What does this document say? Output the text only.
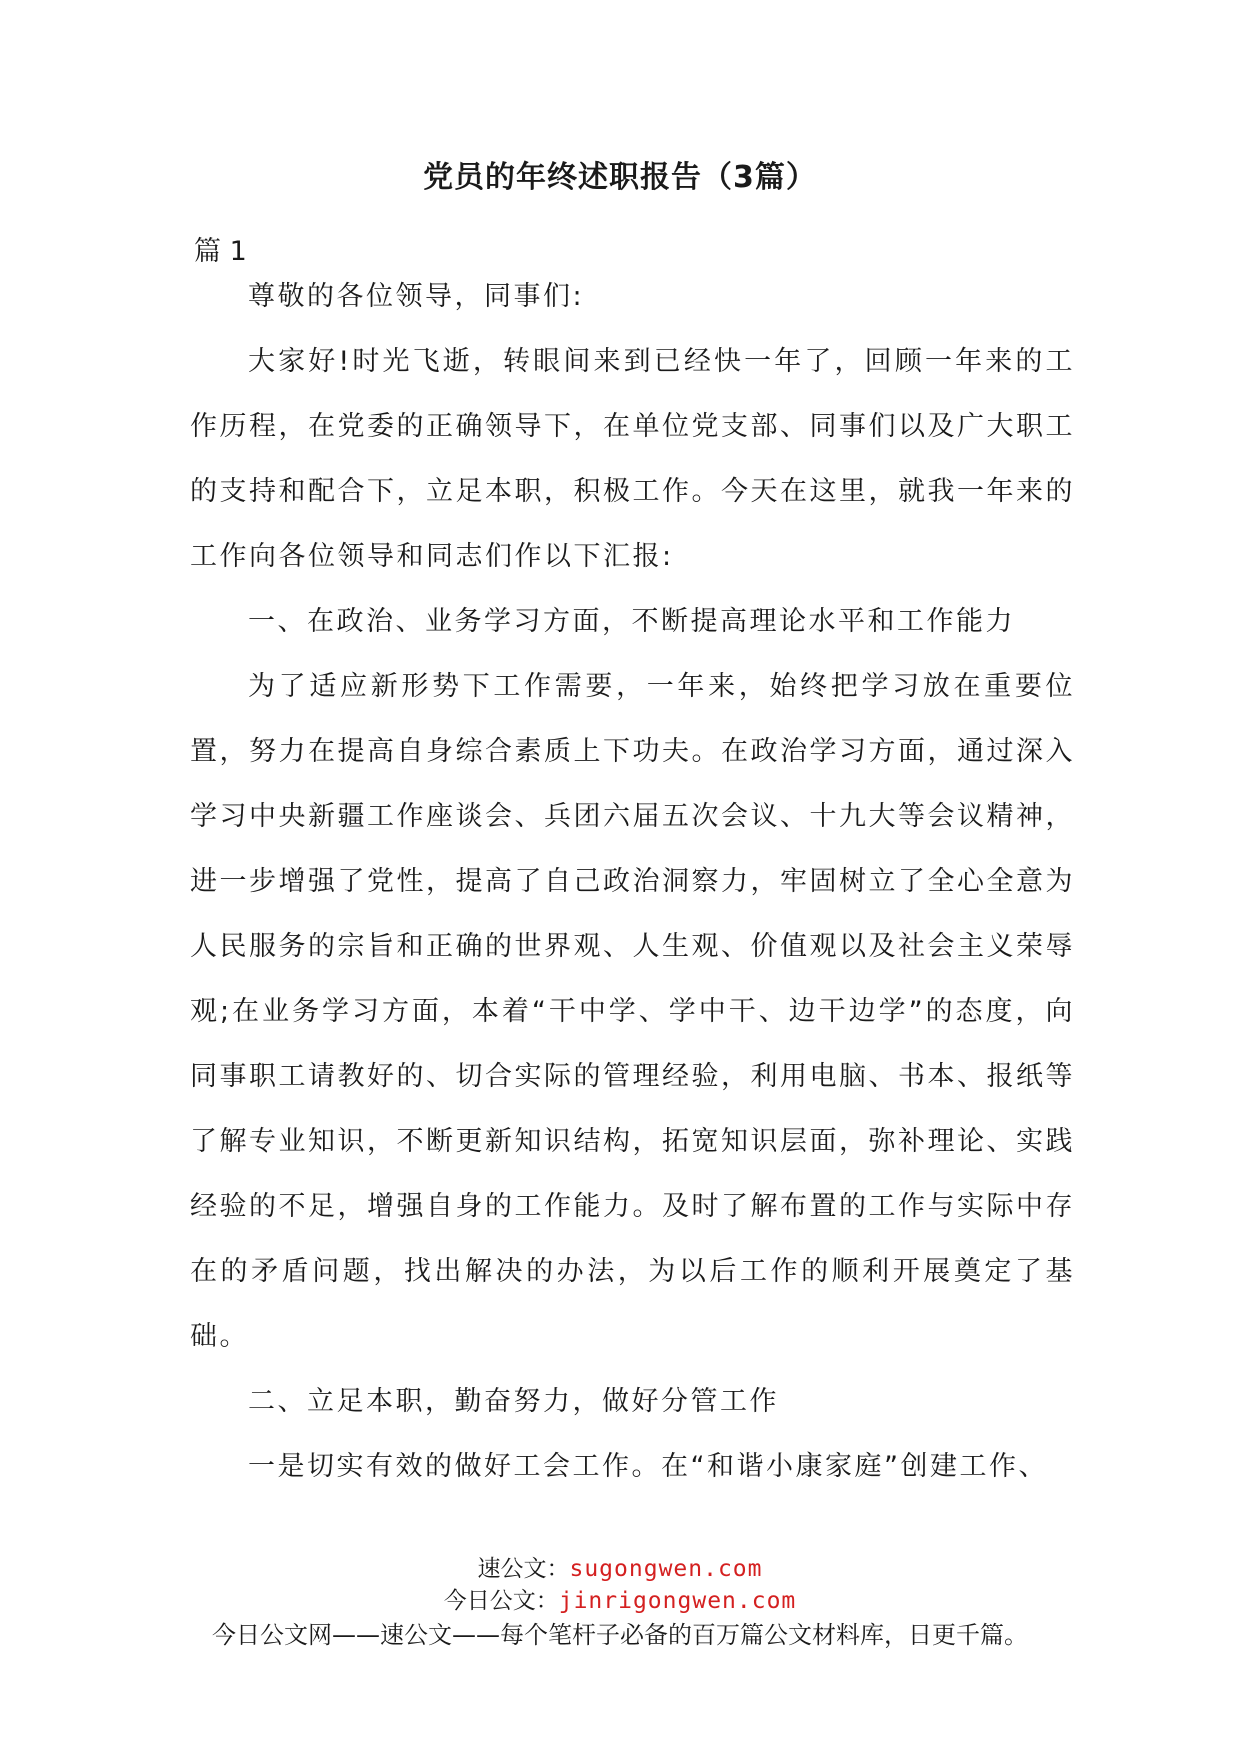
党员的年终述职报告（3篇）
篇 1

尊敬的各位领导，同事们:

大家好!时光飞逝，转眼间来到已经快一年了，回顾一年来的工作历程，在党委的正确领导下，在单位党支部、同事们以及广大职工的支持和配合下，立足本职，积极工作。今天在这里，就我一年来的工作向各位领导和同志们作以下汇报:

一、在政治、业务学习方面，不断提高理论水平和工作能力

为了适应新形势下工作需要，一年来，始终把学习放在重要位置，努力在提高自身综合素质上下功夫。在政治学习方面，通过深入学习中央新疆工作座谈会、兵团六届五次会议、十九大等会议精神，进一步增强了党性，提高了自己政治洞察力，牢固树立了全心全意为人民服务的宗旨和正确的世界观、人生观、价值观以及社会主义荣辱观;在业务学习方面，本着“干中学、学中干、边干边学”的态度，向同事职工请教好的、切合实际的管理经验，利用电脑、书本、报纸等了解专业知识，不断更新知识结构，拓宽知识层面，弥补理论、实践经验的不足，增强自身的工作能力。及时了解布置的工作与实际中存在的矛盾问题，找出解决的办法，为以后工作的顺利开展奠定了基础。

二、立足本职，勤奋努力，做好分管工作

一是切实有效的做好工会工作。在“和谐小康家庭”创建工作、

速公文：sugongwen.com
今日公文：jinrigongwen.com
今日公文网——速公文——每个笔杆子必备的百万篇公文材料库，日更千篇。
